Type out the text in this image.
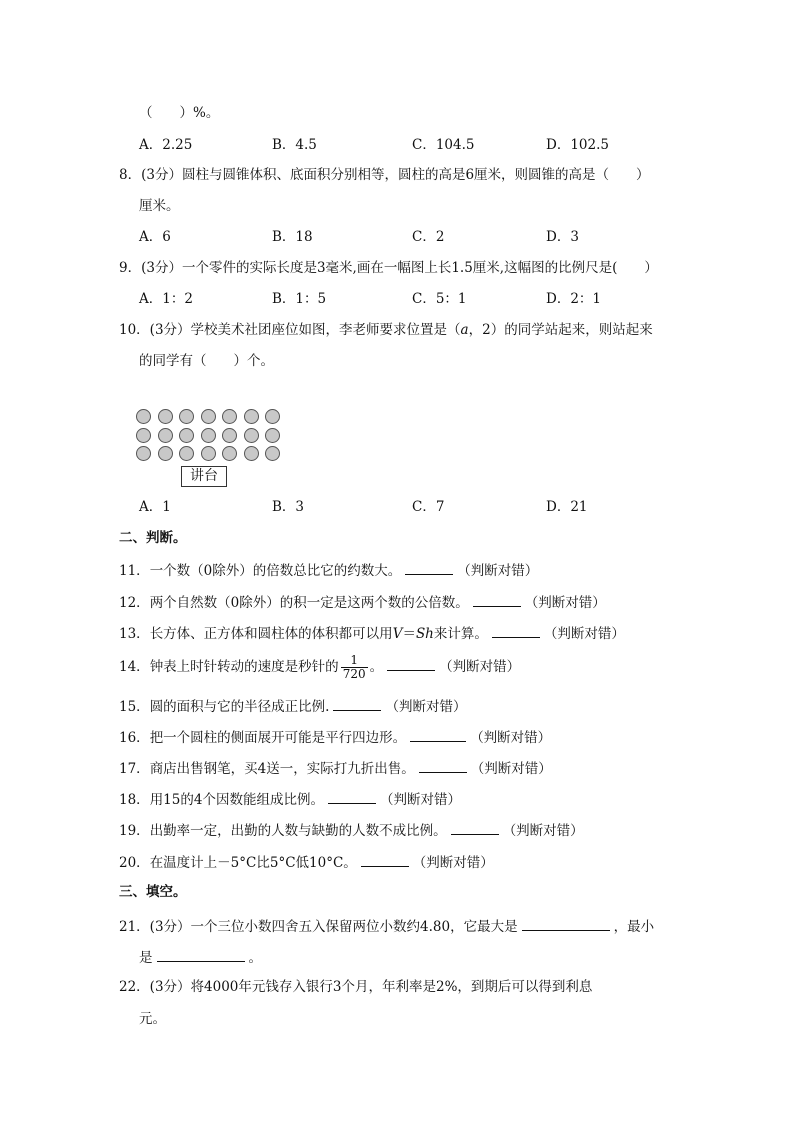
（　　）%。
A．2.25	B．4.5	C．104.5	D．102.5
8．(3分）圆柱与圆锥体积、底面积分别相等，圆柱的高是6厘米，则圆锥的高是（　　）
厘米。
A．6	B．18	C．2	D．3
9．(3分）一个零件的实际长度是3毫米,画在一幅图上长1.5厘米,这幅图的比例尺是(　　）
A．1：2	B．1：5	C．5：1	D．2：1
10．(3分）学校美术社团座位如图，李老师要求位置是（a，2）的同学站起来，则站起来
的同学有（　　）个。
讲台
A．1	B．3	C．7	D．21
二、判断。
11．一个数（0除外）的倍数总比它的约数大。	（判断对错）
12．两个自然数（0除外）的积一定是这两个数的公倍数。	（判断对错）
13．长方体、正方体和圆柱体的体积都可以用V＝Sh来计算。	（判断对错）
14．钟表上时针转动的速度是秒针的 $\frac{1}{720}$ 。	（判断对错）
15．圆的面积与它的半径成正比例.	（判断对错）
16．把一个圆柱的侧面展开可能是平行四边形。	（判断对错）
17．商店出售钢笔，买4送一，实际打九折出售。	（判断对错）
18．用15的4个因数能组成比例。	（判断对错）
19．出勤率一定，出勤的人数与缺勤的人数不成比例。	（判断对错）
20．在温度计上－5°C比5°C低10°C。	（判断对错）
三、填空。
21．(3分）一个三位小数四舍五入保留两位小数约4.80，它最大是	，最小
是	。
22．(3分）将4000年元钱存入银行3个月，年利率是2%，到期后可以得到利息
元。
